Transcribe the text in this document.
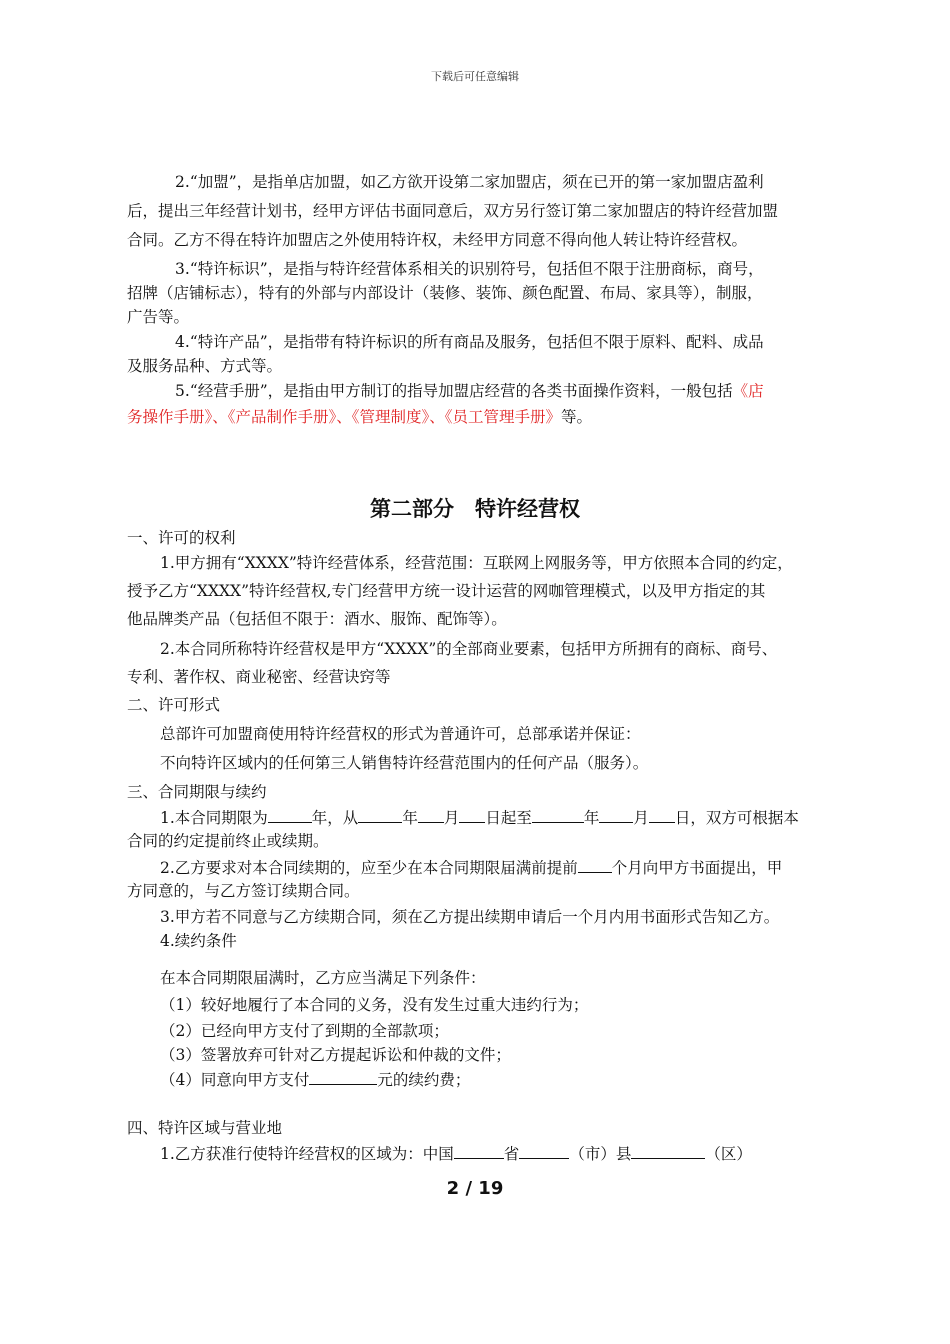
下载后可任意编辑
2.“加盟”，是指单店加盟，如乙方欲开设第二家加盟店，须在已开的第一家加盟店盈利
后，提出三年经营计划书，经甲方评估书面同意后，双方另行签订第二家加盟店的特许经营加盟
合同。乙方不得在特许加盟店之外使用特许权，未经甲方同意不得向他人转让特许经营权。
3.“特许标识”，是指与特许经营体系相关的识别符号，包括但不限于注册商标，商号，
招牌（店铺标志），特有的外部与内部设计（装修、装饰、颜色配置、布局、家具等），制服，
广告等。
4.“特许产品”，是指带有特许标识的所有商品及服务，包括但不限于原料、配料、成品
及服务品种、方式等。
5.“经营手册”，是指由甲方制订的指导加盟店经营的各类书面操作资料，一般包括《店
务操作手册》、《产品制作手册》、《管理制度》、《员工管理手册》等。
第二部分　特许经营权
一、许可的权利
1.甲方拥有“XXXX”特许经营体系，经营范围：互联网上网服务等，甲方依照本合同的约定，
授予乙方“XXXX”特许经营权,专门经营甲方统一设计运营的网咖管理模式，以及甲方指定的其
他品牌类产品（包括但不限于：酒水、服饰、配饰等）。
2.本合同所称特许经营权是甲方“XXXX”的全部商业要素，包括甲方所拥有的商标、商号、
专利、著作权、商业秘密、经营诀窍等
二、许可形式
总部许可加盟商使用特许经营权的形式为普通许可，总部承诺并保证：
不向特许区域内的任何第三人销售特许经营范围内的任何产品（服务）。
三、合同期限与续约
1.本合同期限为	年，从	年 月 日起至	年 月 日，双方可根据本
合同的约定提前终止或续期。
2.乙方要求对本合同续期的，应至少在本合同期限届满前提前 个月向甲方书面提出，甲
方同意的，与乙方签订续期合同。
3.甲方若不同意与乙方续期合同，须在乙方提出续期申请后一个月内用书面形式告知乙方。
4.续约条件
在本合同期限届满时，乙方应当满足下列条件：
（1）较好地履行了本合同的义务，没有发生过重大违约行为；
（2）已经向甲方支付了到期的全部款项；
（3）签署放弃可针对乙方提起诉讼和仲裁的文件；
（4）同意向甲方支付	元的续约费；
四、特许区域与营业地
1.乙方获准行使特许经营权的区域为：中国	省	（市）县	（区）
2 / 19
